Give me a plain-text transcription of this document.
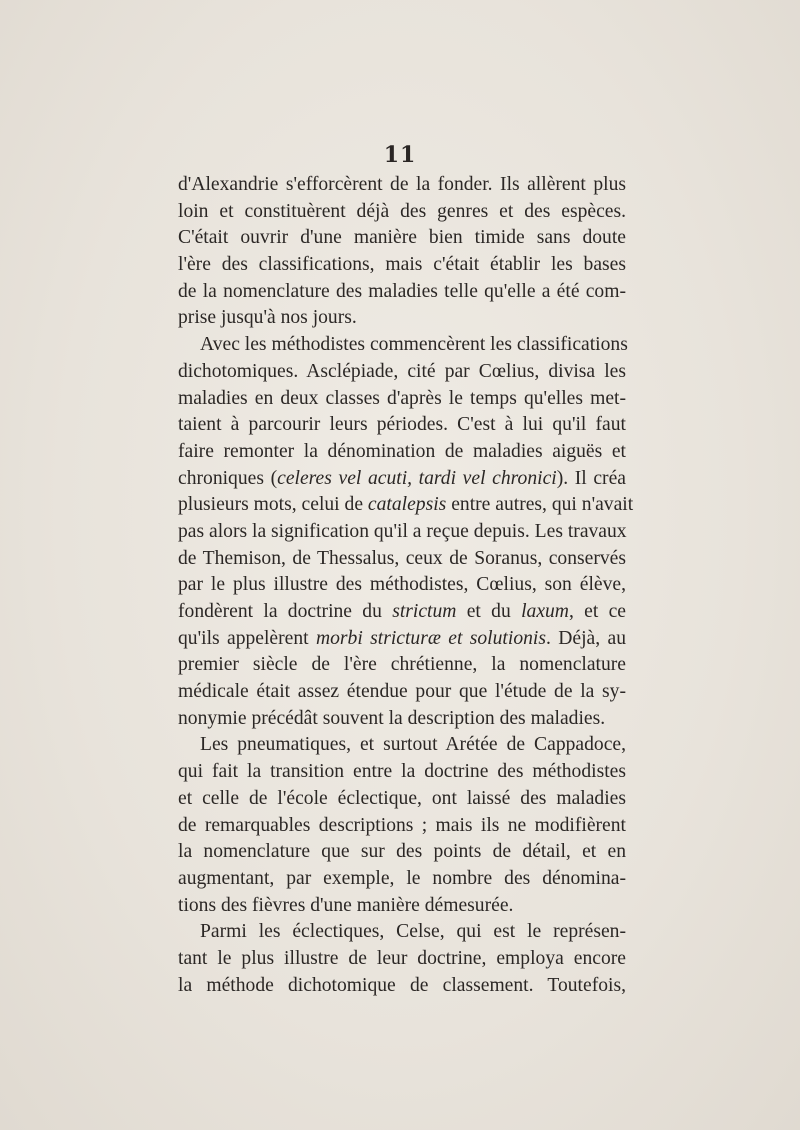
11
d'Alexandrie s'efforcèrent de la fonder. Ils allèrent plus
loin et constituèrent déjà des genres et des espèces.
C'était ouvrir d'une manière bien timide sans doute
l'ère des classifications, mais c'était établir les bases
de la nomenclature des maladies telle qu'elle a été com-
prise jusqu'à nos jours.
Avec les méthodistes commencèrent les classifications
dichotomiques. Asclépiade, cité par Cœlius, divisa les
maladies en deux classes d'après le temps qu'elles met-
taient à parcourir leurs périodes. C'est à lui qu'il faut
faire remonter la dénomination de maladies aiguës et
chroniques (celeres vel acuti, tardi vel chronici). Il créa
plusieurs mots, celui de catalepsis entre autres, qui n'avait
pas alors la signification qu'il a reçue depuis. Les travaux
de Themison, de Thessalus, ceux de Soranus, conservés
par le plus illustre des méthodistes, Cœlius, son élève,
fondèrent la doctrine du strictum et du laxum, et ce
qu'ils appelèrent morbi stricturæ et solutionis. Déjà, au
premier siècle de l'ère chrétienne, la nomenclature
médicale était assez étendue pour que l'étude de la sy-
nonymie précédât souvent la description des maladies.
Les pneumatiques, et surtout Arétée de Cappadoce,
qui fait la transition entre la doctrine des méthodistes
et celle de l'école éclectique, ont laissé des maladies
de remarquables descriptions ; mais ils ne modifièrent
la nomenclature que sur des points de détail, et en
augmentant, par exemple, le nombre des dénomina-
tions des fièvres d'une manière démesurée.
Parmi les éclectiques, Celse, qui est le représen-
tant le plus illustre de leur doctrine, employa encore
la méthode dichotomique de classement. Toutefois,
